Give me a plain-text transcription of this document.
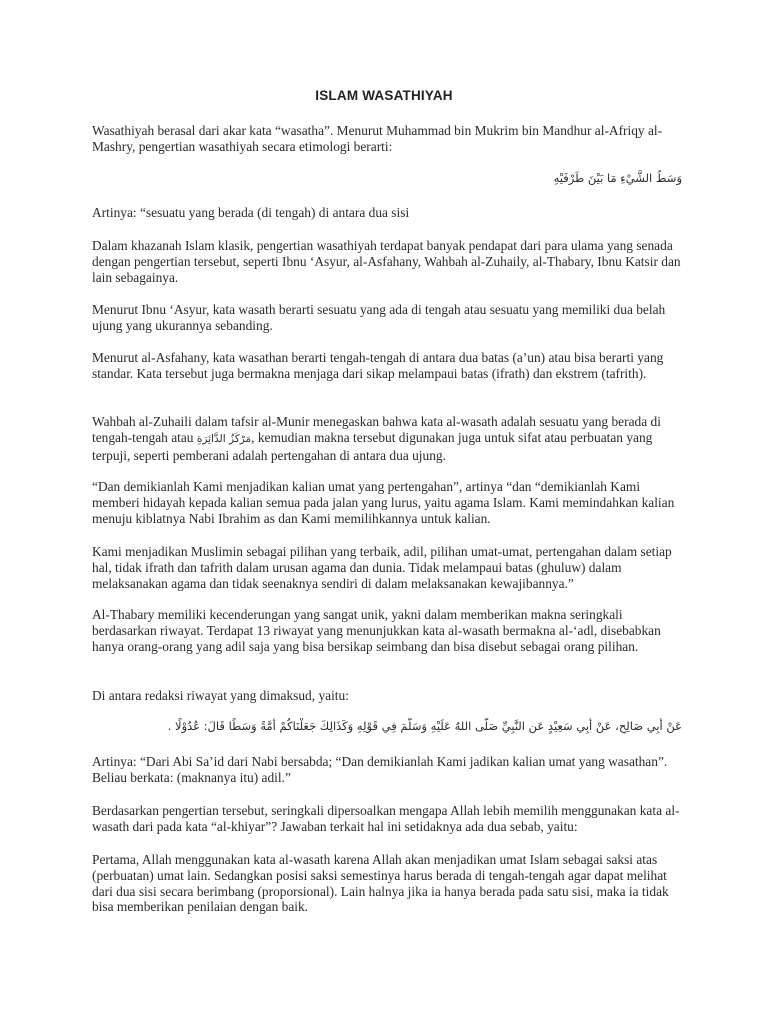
ISLAM WASATHIYAH

Wasathiyah berasal dari akar kata “wasatha”. Menurut Muhammad bin Mukrim bin Mandhur al-Afriqy al-Mashry, pengertian wasathiyah secara etimologi berarti:

وَسَطُ الشَّيْءِ مَا بَيْنَ طَرْفَيْهِ

Artinya: “sesuatu yang berada (di tengah) di antara dua sisi

Dalam khazanah Islam klasik, pengertian wasathiyah terdapat banyak pendapat dari para ulama yang senada dengan pengertian tersebut, seperti Ibnu ‘Asyur, al-Asfahany, Wahbah al-Zuhaily, al-Thabary, Ibnu Katsir dan lain sebagainya.

Menurut Ibnu ‘Asyur, kata wasath berarti sesuatu yang ada di tengah atau sesuatu yang memiliki dua belah ujung yang ukurannya sebanding.

Menurut al-Asfahany, kata wasathan berarti tengah-tengah di antara dua batas (a’un) atau bisa berarti yang standar. Kata tersebut juga bermakna menjaga dari sikap melampaui batas (ifrath) dan ekstrem (tafrith).

Wahbah al-Zuhaili dalam tafsir al-Munir menegaskan bahwa kata al-wasath adalah sesuatu yang berada di tengah-tengah atau مَرْكَزُ الدَّائِرَةِ, kemudian makna tersebut digunakan juga untuk sifat atau perbuatan yang terpuji, seperti pemberani adalah pertengahan di antara dua ujung.

“Dan demikianlah Kami menjadikan kalian umat yang pertengahan”, artinya “dan “demikianlah Kami memberi hidayah kepada kalian semua pada jalan yang lurus, yaitu agama Islam. Kami memindahkan kalian menuju kiblatnya Nabi Ibrahim as dan Kami memilihkannya untuk kalian.

Kami menjadikan Muslimin sebagai pilihan yang terbaik, adil, pilihan umat-umat, pertengahan dalam setiap hal, tidak ifrath dan tafrith dalam urusan agama dan dunia. Tidak melampaui batas (ghuluw) dalam melaksanakan agama dan tidak seenaknya sendiri di dalam melaksanakan kewajibannya.”

Al-Thabary memiliki kecenderungan yang sangat unik, yakni dalam memberikan makna seringkali berdasarkan riwayat. Terdapat 13 riwayat yang menunjukkan kata al-wasath bermakna al-‘adl, disebabkan hanya orang-orang yang adil saja yang bisa bersikap seimbang dan bisa disebut sebagai orang pilihan.

Di antara redaksi riwayat yang dimaksud, yaitu:

عَنْ أَبِي صَالِحٍ، عَنْ أَبِي سَعِيْدٍ عَنِ النَّبِيِّ صَلَّى اللهُ عَلَيْهِ وَسَلَّمَ فِي قَوْلِهِ وَكَذَالِكَ جَعَلْنَاكُمْ أُمَّةً وَسَطًا قَالَ: عُدُوْلًا .

Artinya: “Dari Abi Sa’id dari Nabi bersabda; “Dan demikianlah Kami jadikan kalian umat yang wasathan”. Beliau berkata: (maknanya itu) adil.”

Berdasarkan pengertian tersebut, seringkali dipersoalkan mengapa Allah lebih memilih menggunakan kata al-wasath dari pada kata “al-khiyar”? Jawaban terkait hal ini setidaknya ada dua sebab, yaitu:

Pertama, Allah menggunakan kata al-wasath karena Allah akan menjadikan umat Islam sebagai saksi atas (perbuatan) umat lain. Sedangkan posisi saksi semestinya harus berada di tengah-tengah agar dapat melihat dari dua sisi secara berimbang (proporsional). Lain halnya jika ia hanya berada pada satu sisi, maka ia tidak bisa memberikan penilaian dengan baik.
